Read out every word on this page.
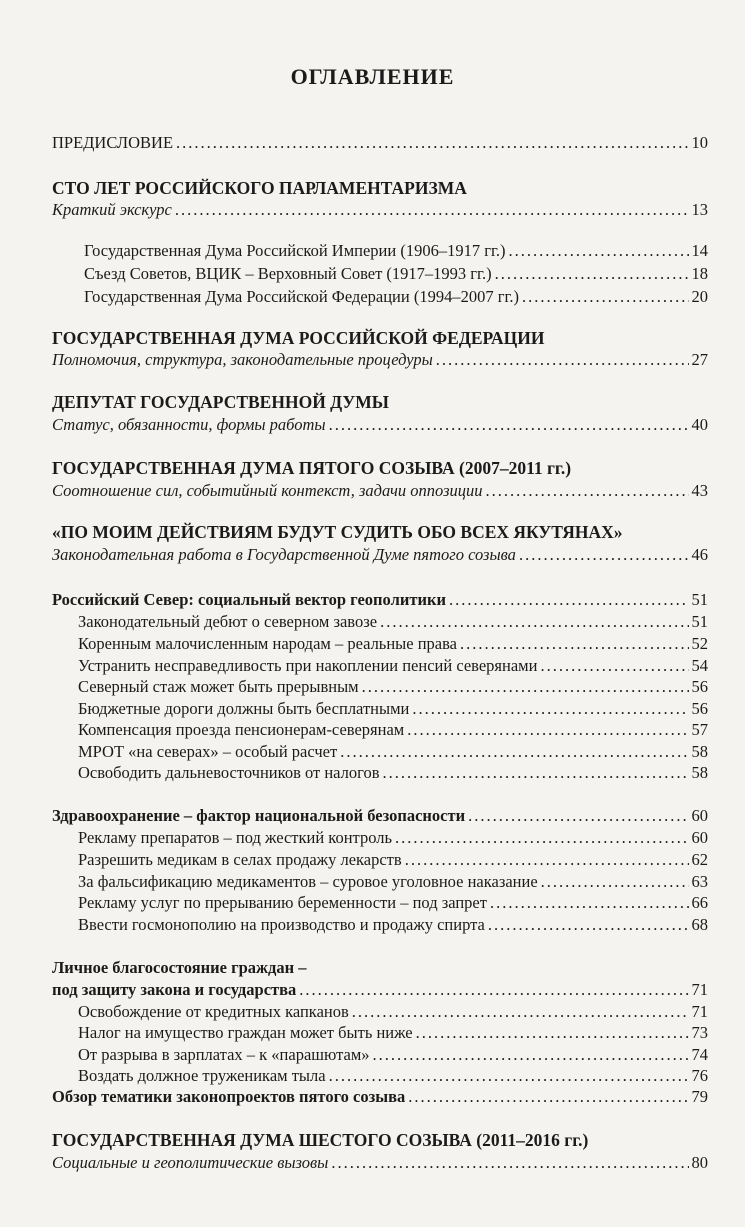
ОГЛАВЛЕНИЕ
ПРЕДИСЛОВИЕ .....	10
СТО ЛЕТ РОССИЙСКОГО ПАРЛАМЕНТАРИЗМА
Краткий экскурс .....	13
Государственная Дума Российской Империи (1906–1917 гг.) .....	14
Съезд Советов, ВЦИК – Верховный Совет (1917–1993 гг.) .....	18
Государственная Дума Российской Федерации (1994–2007 гг.) .....	20
ГОСУДАРСТВЕННАЯ ДУМА РОССИЙСКОЙ ФЕДЕРАЦИИ
Полномочия, структура, законодательные процедуры .....	27
ДЕПУТАТ ГОСУДАРСТВЕННОЙ ДУМЫ
Статус, обязанности, формы работы .....	40
ГОСУДАРСТВЕННАЯ ДУМА ПЯТОГО СОЗЫВА (2007–2011 гг.)
Соотношение сил, событийный контекст, задачи оппозиции .....	43
«ПО МОИМ ДЕЙСТВИЯМ БУДУТ СУДИТЬ ОБО ВСЕХ ЯКУТЯНАХ»
Законодательная работа в Государственной Думе пятого созыва .....	46
Российский Север: социальный вектор геополитики .....	51
Законодательный дебют о северном завозе .....	51
Коренным малочисленным народам – реальные права .....	52
Устранить несправедливость при накоплении пенсий северянами .....	54
Северный стаж может быть прерывным .....	56
Бюджетные дороги должны быть бесплатными .....	56
Компенсация проезда пенсионерам-северянам .....	57
МРОТ «на северах» – особый расчет .....	58
Освободить дальневосточников от налогов .....	58
Здравоохранение – фактор национальной безопасности .....	60
Рекламу препаратов – под жесткий контроль .....	60
Разрешить медикам в селах продажу лекарств .....	62
За фальсификацию медикаментов – суровое уголовное наказание .....	63
Рекламу услуг по прерыванию беременности – под запрет .....	66
Ввести госмонополию на производство и продажу спирта .....	68
Личное благосостояние граждан –
под защиту закона и государства .....	71
Освобождение от кредитных капканов .....	71
Налог на имущество граждан может быть ниже .....	73
От разрыва в зарплатах – к «парашютам» .....	74
Воздать должное труженикам тыла .....	76
Обзор тематики законопроектов пятого созыва .....	79
ГОСУДАРСТВЕННАЯ ДУМА ШЕСТОГО СОЗЫВА (2011–2016 гг.)
Социальные и геополитические вызовы .....	80
